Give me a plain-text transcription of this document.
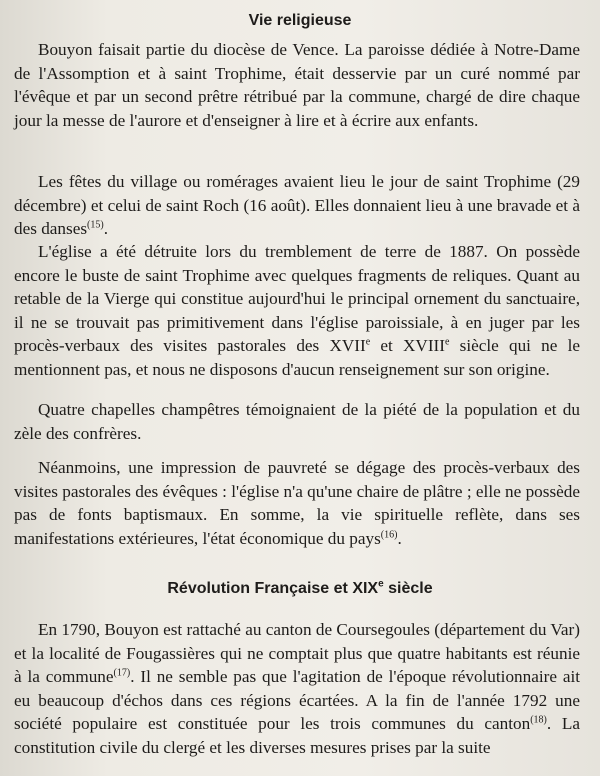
Vie religieuse

Bouyon faisait partie du diocèse de Vence. La paroisse dédiée à Notre-Dame de l'Assomption et à saint Trophime, était desservie par un curé nommé par l'évêque et par un second prêtre rétribué par la commune, chargé de dire chaque jour la messe de l'aurore et d'enseigner à lire et à écrire aux enfants.

Les fêtes du village ou romérages avaient lieu le jour de saint Trophime (29 décembre) et celui de saint Roch (16 août). Elles donnaient lieu à une bravade et à des danses$^{(15)}$.

L'église a été détruite lors du tremblement de terre de 1887. On possède encore le buste de saint Trophime avec quelques fragments de reliques. Quant au retable de la Vierge qui constitue aujourd'hui le principal ornement du sanctuaire, il ne se trouvait pas primitivement dans l'église paroissiale, à en juger par les procès-verbaux des visites pastorales des XVIIe et XVIIIe siècle qui ne le mentionnent pas, et nous ne disposons d'aucun renseignement sur son origine.

Quatre chapelles champêtres témoignaient de la piété de la population et du zèle des confrères.

Néanmoins, une impression de pauvreté se dégage des procès-verbaux des visites pastorales des évêques : l'église n'a qu'une chaire de plâtre ; elle ne possède pas de fonts baptismaux. En somme, la vie spirituelle reflète, dans ses manifestations extérieures, l'état économique du pays$^{(16)}$.

Révolution Française et XIXe siècle

En 1790, Bouyon est rattaché au canton de Coursegoules (département du Var) et la localité de Fougassières qui ne comptait plus que quatre habitants est réunie à la commune$^{(17)}$. Il ne semble pas que l'agitation de l'époque révolutionnaire ait eu beaucoup d'échos dans ces régions écartées. A la fin de l'année 1792 une société populaire est constituée pour les trois communes du canton$^{(18)}$. La constitution civile du clergé et les diverses mesures prises par la suite
